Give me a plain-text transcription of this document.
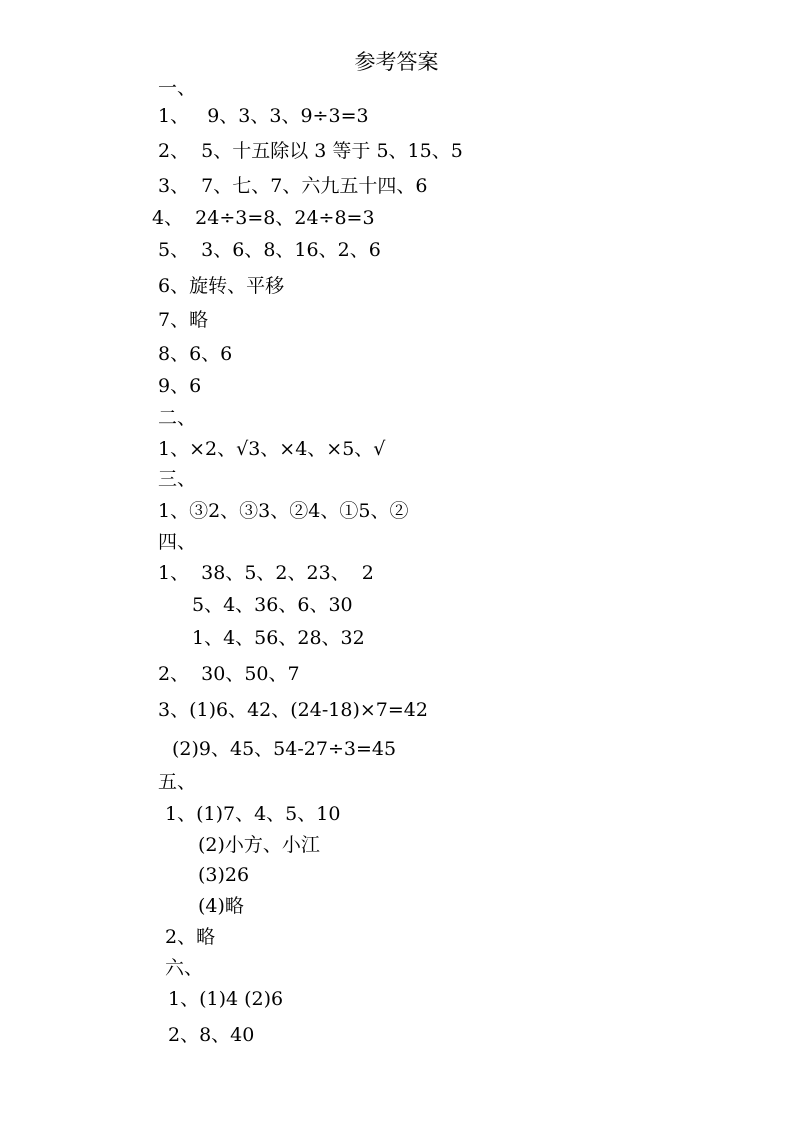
参考答案
一、
1、   9、3、3、9÷3=3
2、  5、十五除以 3 等于 5、15、5
3、  7、七、7、六九五十四、6
4、  24÷3=8、24÷8=3
5、  3、6、8、16、2、6
6、旋转、平移
7、略
8、6、6
9、6
二、
1、×2、√3、×4、×5、√
三、
1、③2、③3、②4、①5、②
四、
1、  38、5、2、23、  2
5、4、36、6、30
1、4、56、28、32
2、  30、50、7
3、(1)6、42、(24-18)×7=42
(2)9、45、54-27÷3=45
五、
1、(1)7、4、5、10
(2)小方、小江
(3)26
(4)略
2、略
六、
1、(1)4 (2)6
2、8、40
